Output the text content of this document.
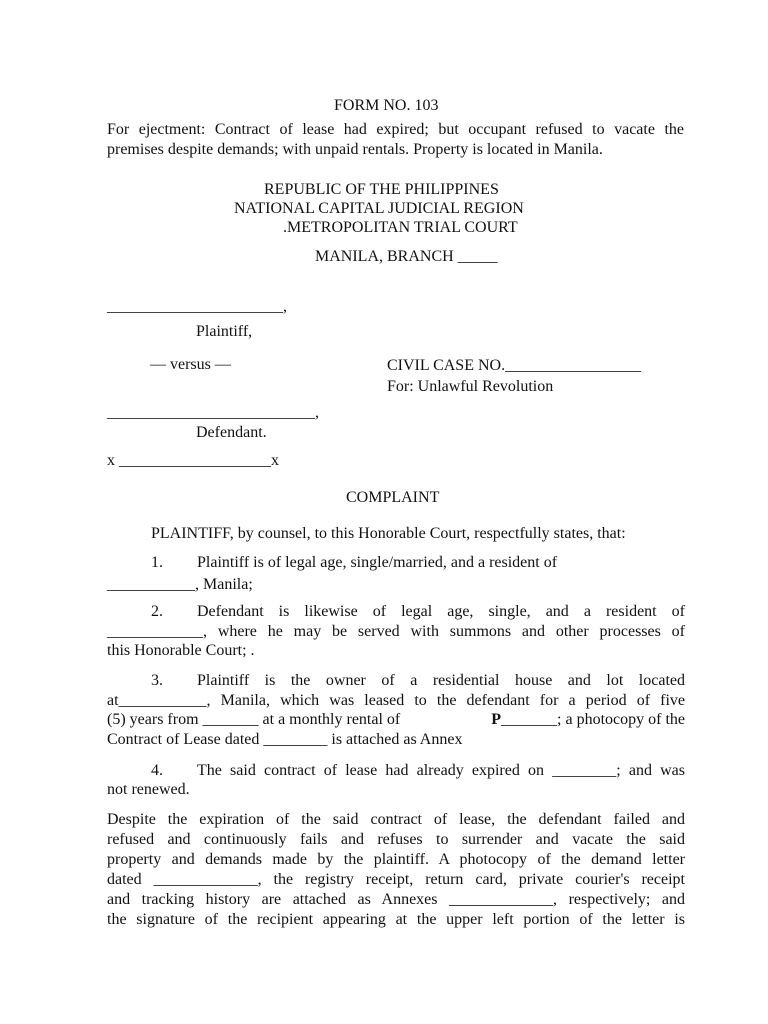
FORM NO. 103
For ejectment: Contract of lease had expired; but occupant refused to vacate the
premises despite demands; with unpaid rentals. Property is located in Manila.
REPUBLIC OF THE PHILIPPINES
NATIONAL CAPITAL JUDICIAL REGION
.METROPOLITAN TRIAL COURT
MANILA, BRANCH _____
______________________,
Plaintiff,
— versus —	CIVIL CASE NO._________________
For: Unlawful Revolution
__________________________,
Defendant.
x ___________________x
COMPLAINT
PLAINTIFF, by counsel, to this Honorable Court, respectfully states, that:
1. Plaintiff is of legal age, single/married, and a resident of
___________, Manila;
2. Defendant is likewise of legal age, single, and a resident of
____________, where he may be served with summons and other processes of
this Honorable Court; .
3. Plaintiff is the owner of a residential house and lot located
at___________, Manila, which was leased to the defendant for a period of five
(5) years from _______ at a monthly rental of	P_______; a photocopy of the
Contract of Lease dated ________ is attached as Annex
4. The said contract of lease had already expired on ________; and was
not renewed.
Despite the expiration of the said contract of lease, the defendant failed and
refused and continuously fails and refuses to surrender and vacate the said
property and demands made by the plaintiff. A photocopy of the demand letter
dated _____________, the registry receipt, return card, private courier's receipt
and tracking history are attached as Annexes _____________, respectively; and
the signature of the recipient appearing at the upper left portion of the letter is
